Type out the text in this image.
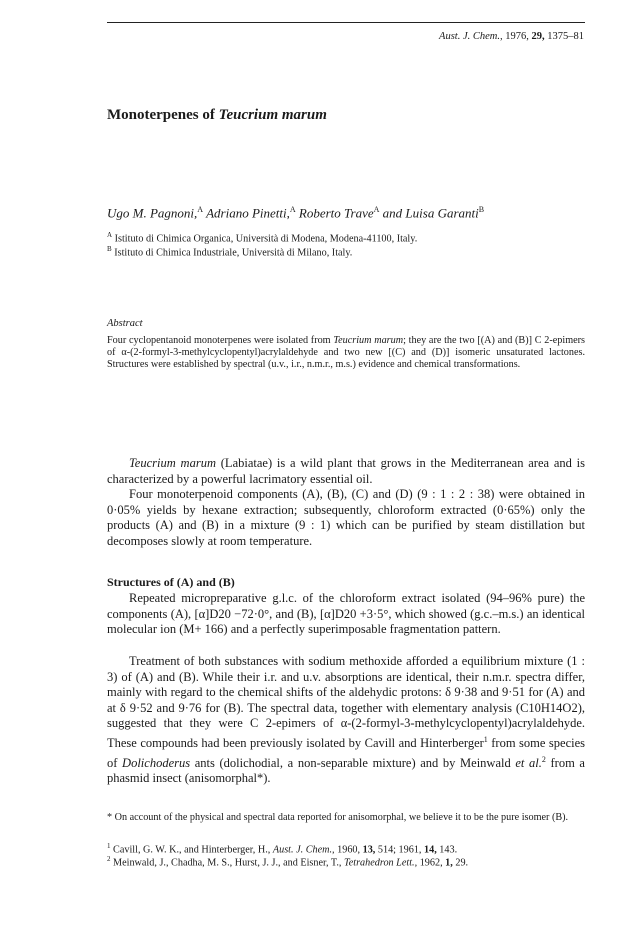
Aust. J. Chem., 1976, 29, 1375–81
Monoterpenes of Teucrium marum
Ugo M. Pagnoni,$^A$ Adriano Pinetti,$^A$ Roberto Trave$^A$ and Luisa Garanti$^B$
$^A$ Istituto di Chimica Organica, Università di Modena, Modena-41100, Italy.
$^B$ Istituto di Chimica Industriale, Università di Milano, Italy.
Abstract
Four cyclopentanoid monoterpenes were isolated from Teucrium marum; they are the two [(A) and (B)] C 2-epimers of α-(2-formyl-3-methylcyclopentyl)acrylaldehyde and two new [(C) and (D)] isomeric unsaturated lactones. Structures were established by spectral (u.v., i.r., n.m.r., m.s.) evidence and chemical transformations.
Teucrium marum (Labiatae) is a wild plant that grows in the Mediterranean area and is characterized by a powerful lacrimatory essential oil.
Four monoterpenoid components (A), (B), (C) and (D) (9 : 1 : 2 : 38) were obtained in 0·05% yields by hexane extraction; subsequently, chloroform extracted (0·65%) only the products (A) and (B) in a mixture (9 : 1) which can be purified by steam distillation but decomposes slowly at room temperature.
Structures of (A) and (B)
Repeated micropreparative g.l.c. of the chloroform extract isolated (94–96% pure) the components (A), [α]D20 −72·0°, and (B), [α]D20 +3·5°, which showed (g.c.–m.s.) an identical molecular ion (M+ 166) and a perfectly superimposable fragmentation pattern.
Treatment of both substances with sodium methoxide afforded a equilibrium mixture (1 : 3) of (A) and (B). While their i.r. and u.v. absorptions are identical, their n.m.r. spectra differ, mainly with regard to the chemical shifts of the aldehydic protons: δ 9·38 and 9·51 for (A) and at δ 9·52 and 9·76 for (B). The spectral data, together with elementary analysis (C10H14O2), suggested that they were C 2-epimers of α-(2-formyl-3-methylcyclopentyl)acrylaldehyde. These compounds had been previously isolated by Cavill and Hinterberger$^1$ from some species of Dolichoderus ants (dolichodial, a non-separable mixture) and by Meinwald et al.$^2$ from a phasmid insect (anisomorphal*).
* On account of the physical and spectral data reported for anisomorphal, we believe it to be the pure isomer (B).
$^1$ Cavill, G. W. K., and Hinterberger, H., Aust. J. Chem., 1960, 13, 514; 1961, 14, 143.
$^2$ Meinwald, J., Chadha, M. S., Hurst, J. J., and Eisner, T., Tetrahedron Lett., 1962, 1, 29.
